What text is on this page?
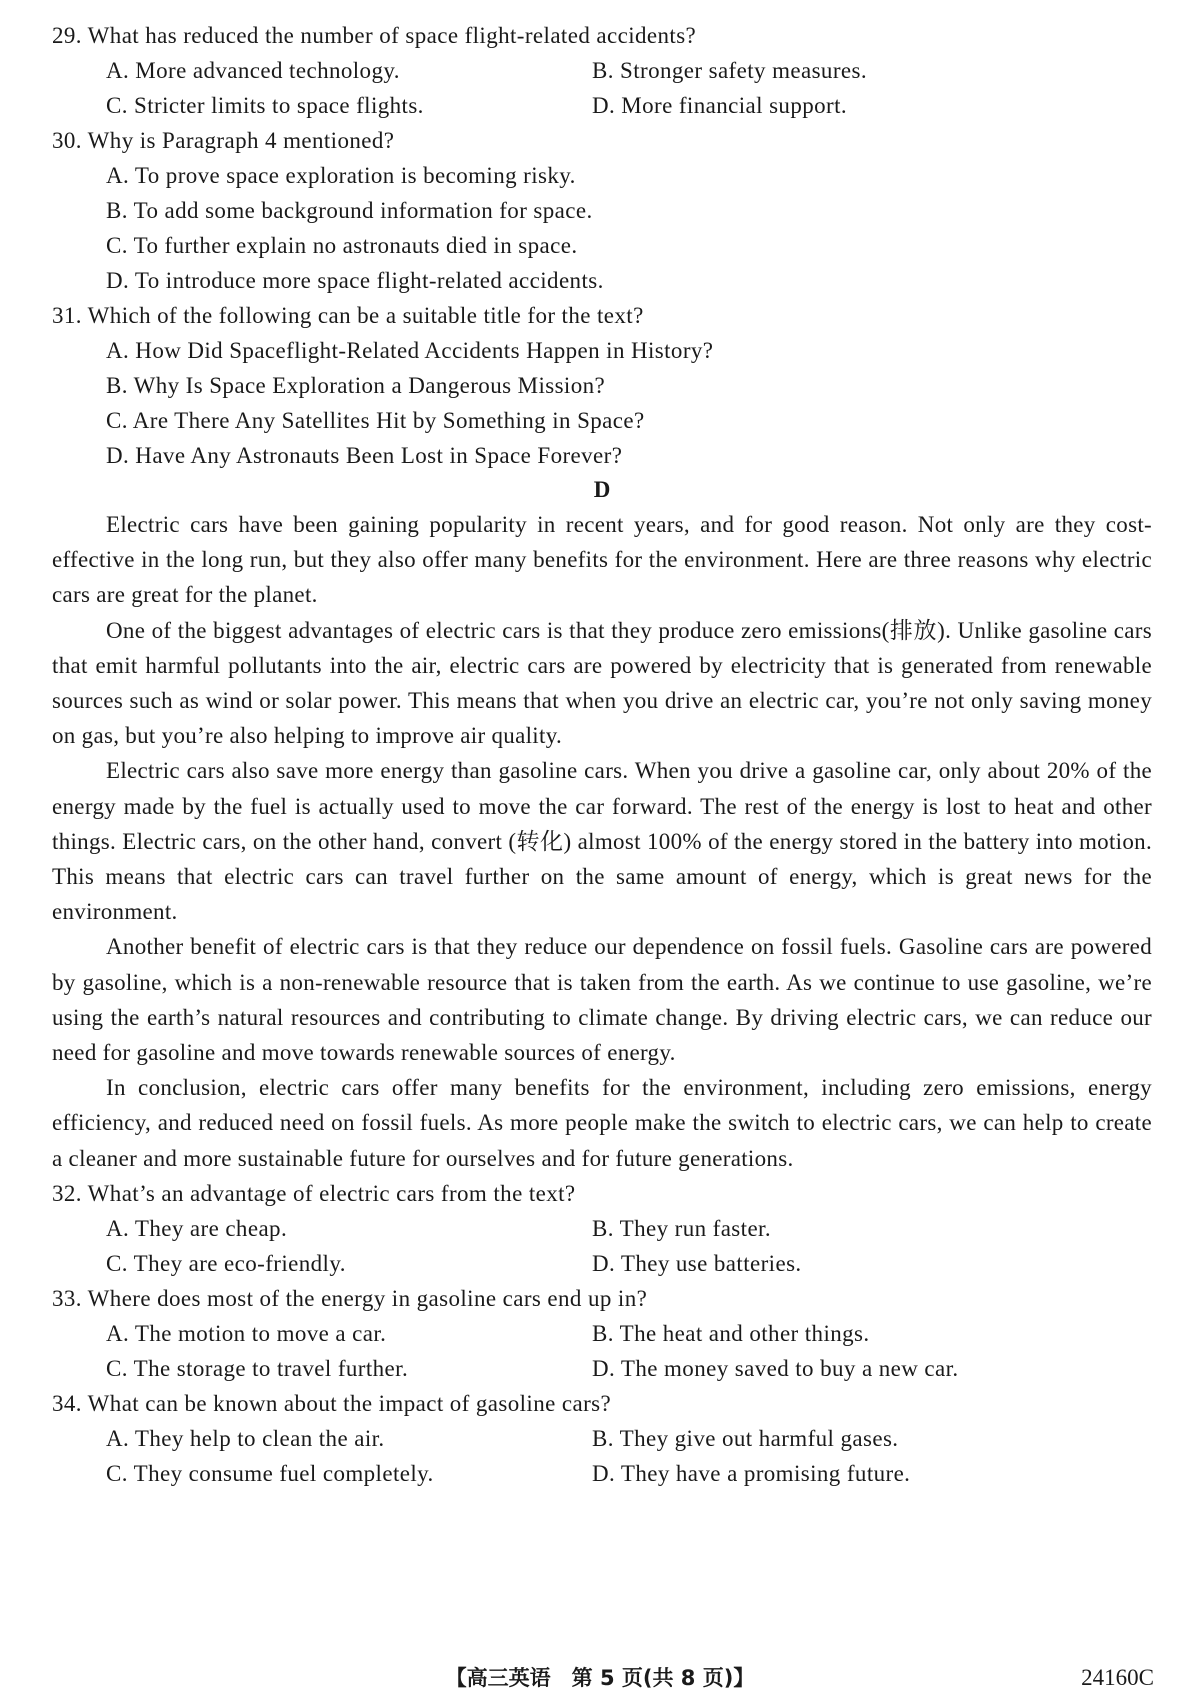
29. What has reduced the number of space flight-related accidents?
A. More advanced technology.	B. Stronger safety measures.
C. Stricter limits to space flights.	D. More financial support.
30. Why is Paragraph 4 mentioned?
A. To prove space exploration is becoming risky.
B. To add some background information for space.
C. To further explain no astronauts died in space.
D. To introduce more space flight-related accidents.
31. Which of the following can be a suitable title for the text?
A. How Did Spaceflight-Related Accidents Happen in History?
B. Why Is Space Exploration a Dangerous Mission?
C. Are There Any Satellites Hit by Something in Space?
D. Have Any Astronauts Been Lost in Space Forever?
D

Electric cars have been gaining popularity in recent years, and for good reason. Not only are they cost-effective in the long run, but they also offer many benefits for the environment. Here are three reasons why electric cars are great for the planet.

One of the biggest advantages of electric cars is that they produce zero emissions(排放). Unlike gasoline cars that emit harmful pollutants into the air, electric cars are powered by electricity that is generated from renewable sources such as wind or solar power. This means that when you drive an electric car, you’re not only saving money on gas, but you’re also helping to improve air quality.

Electric cars also save more energy than gasoline cars. When you drive a gasoline car, only about 20% of the energy made by the fuel is actually used to move the car forward. The rest of the energy is lost to heat and other things. Electric cars, on the other hand, convert (转化) almost 100% of the energy stored in the battery into motion. This means that electric cars can travel further on the same amount of energy, which is great news for the environment.

Another benefit of electric cars is that they reduce our dependence on fossil fuels. Gasoline cars are powered by gasoline, which is a non-renewable resource that is taken from the earth. As we continue to use gasoline, we’re using the earth’s natural resources and contributing to climate change. By driving electric cars, we can reduce our need for gasoline and move towards renewable sources of energy.

In conclusion, electric cars offer many benefits for the environment, including zero emissions, energy efficiency, and reduced need on fossil fuels. As more people make the switch to electric cars, we can help to create a cleaner and more sustainable future for ourselves and for future generations.

32. What’s an advantage of electric cars from the text?
A. They are cheap.	B. They run faster.
C. They are eco-friendly.	D. They use batteries.
33. Where does most of the energy in gasoline cars end up in?
A. The motion to move a car.	B. The heat and other things.
C. The storage to travel further.	D. The money saved to buy a new car.
34. What can be known about the impact of gasoline cars?
A. They help to clean the air.	B. They give out harmful gases.
C. They consume fuel completely.	D. They have a promising future.
【高三英语　第 5 页(共 8 页)】	24160C
